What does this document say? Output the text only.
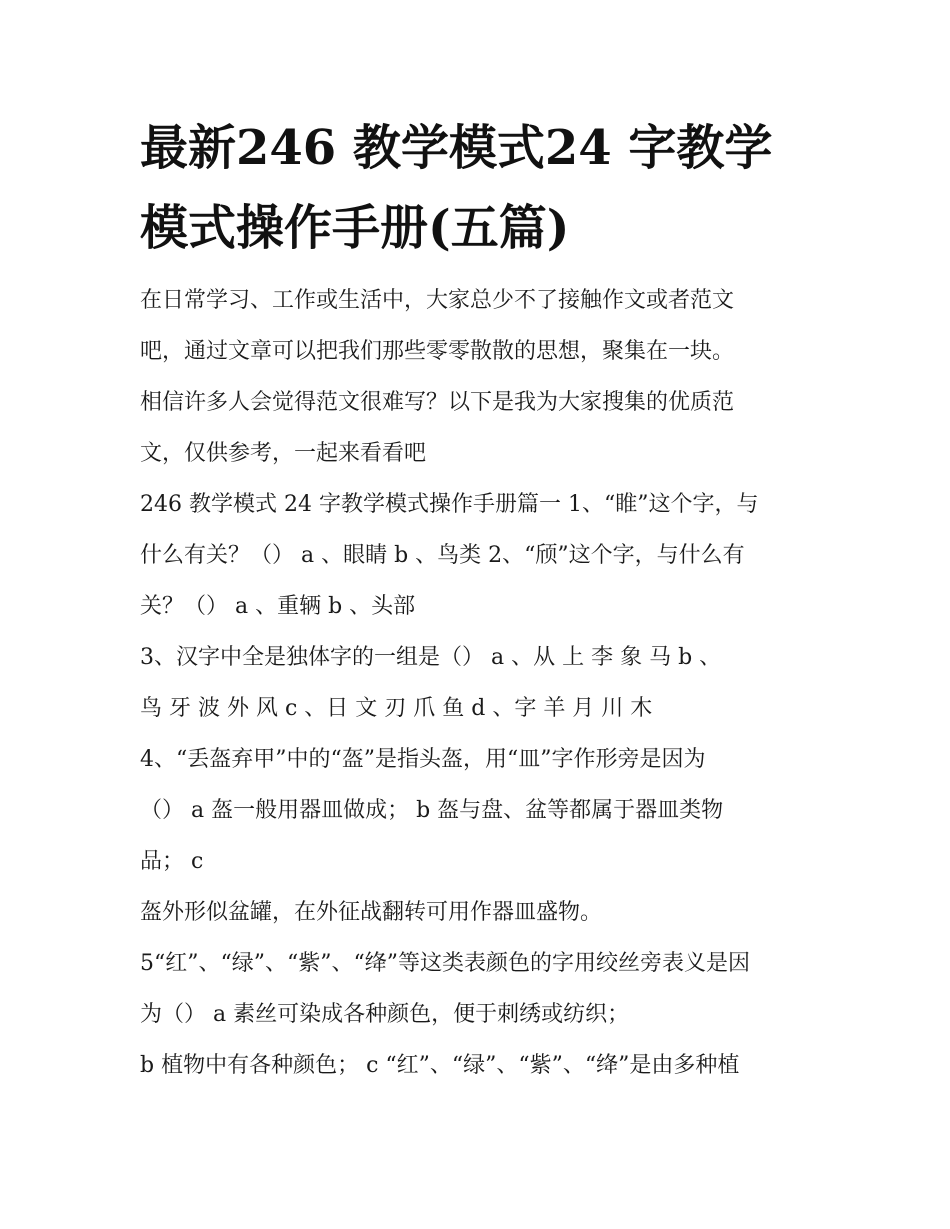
最新246 教学模式24 字教学
模式操作手册(五篇)

在日常学习、工作或生活中，大家总少不了接触作文或者范文

吧，通过文章可以把我们那些零零散散的思想，聚集在一块。

相信许多人会觉得范文很难写？以下是我为大家搜集的优质范

文，仅供参考，一起来看看吧

246 教学模式 24 字教学模式操作手册篇一 1、“睢”这个字，与

什么有关？（） a 、眼睛 b 、鸟类 2、“颀”这个字，与什么有

关？（） a 、重辆 b 、头部

3、汉字中全是独体字的一组是（） a 、从 上 李 象 马 b 、

鸟 牙 波 外 风 c 、日 文 刃 爪 鱼 d 、字 羊 月 川 木

4、“丢盔弃甲”中的“盔”是指头盔，用“皿”字作形旁是因为

（） a 盔一般用器皿做成； b 盔与盘、盆等都属于器皿类物

品； c

盔外形似盆罐，在外征战翻转可用作器皿盛物。

5“红”、“绿”、“紫”、“绛”等这类表颜色的字用绞丝旁表义是因

为（） a 素丝可染成各种颜色，便于刺绣或纺织；

b 植物中有各种颜色； c “红”、“绿”、“紫”、“绛”是由多种植
